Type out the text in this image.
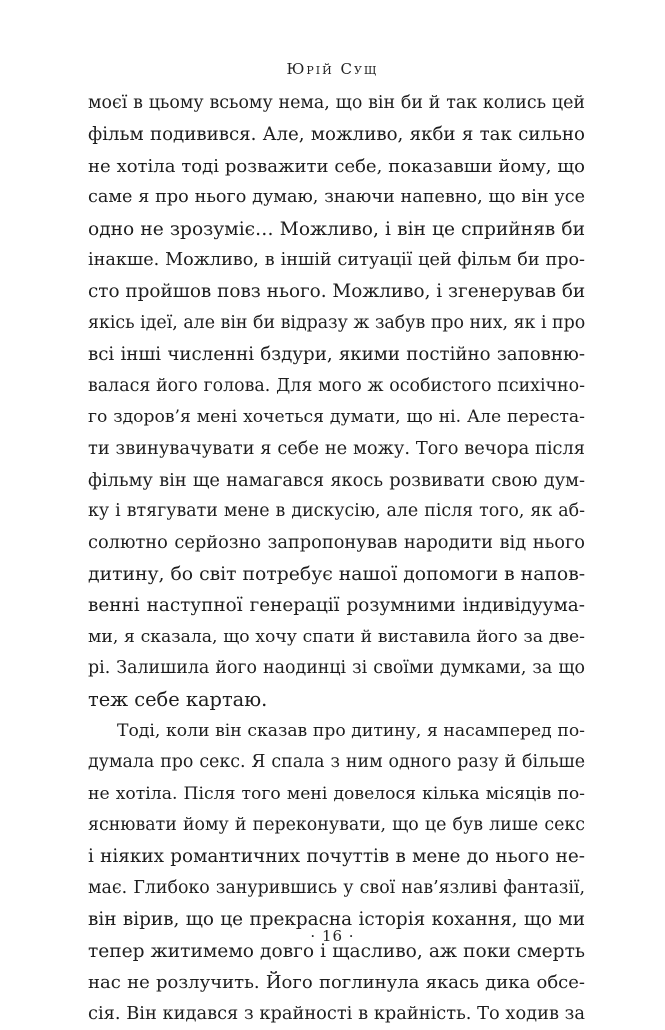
Юрій Сущ
моєї в цьому всьому нема, що він би й так колись цей
фільм подивився. Але, можливо, якби я так сильно
не хотіла тоді розважити себе, показавши йому, що
саме я про нього думаю, знаючи напевно, що він усе
одно не зрозуміє… Можливо, і він це сприйняв би
інакше. Можливо, в іншій ситуації цей фільм би про-
сто пройшов повз нього. Можливо, і згенерував би
якісь ідеї, але він би відразу ж забув про них, як і про
всі інші численні бздури, якими постійно заповню-
валася його голова. Для мого ж особистого психічно-
го здоров’я мені хочеться думати, що ні. Але переста-
ти звинувачувати я себе не можу. Того вечора після
фільму він ще намагався якось розвивати свою дум-
ку і втягувати мене в дискусію, але після того, як аб-
солютно серйозно запропонував народити від нього
дитину, бо світ потребує нашої допомоги в напов-
венні наступної генерації розумними індивідуума-
ми, я сказала, що хочу спати й виставила його за две-
рі. Залишила його наодинці зі своїми думками, за що
теж себе картаю.
Тоді, коли він сказав про дитину, я насамперед по-
думала про секс. Я спала з ним одного разу й більше
не хотіла. Після того мені довелося кілька місяців по-
яснювати йому й переконувати, що це був лише секс
і ніяких романтичних почуттів в мене до нього не-
має. Глибоко занурившись у свої нав’язливі фантазії,
він вірив, що це прекрасна історія кохання, що ми
тепер житимемо довго і щасливо, аж поки смерть
нас не розлучить. Його поглинула якась дика обсе-
сія. Він кидався з крайності в крайність. То ходив за
· 16 ·
